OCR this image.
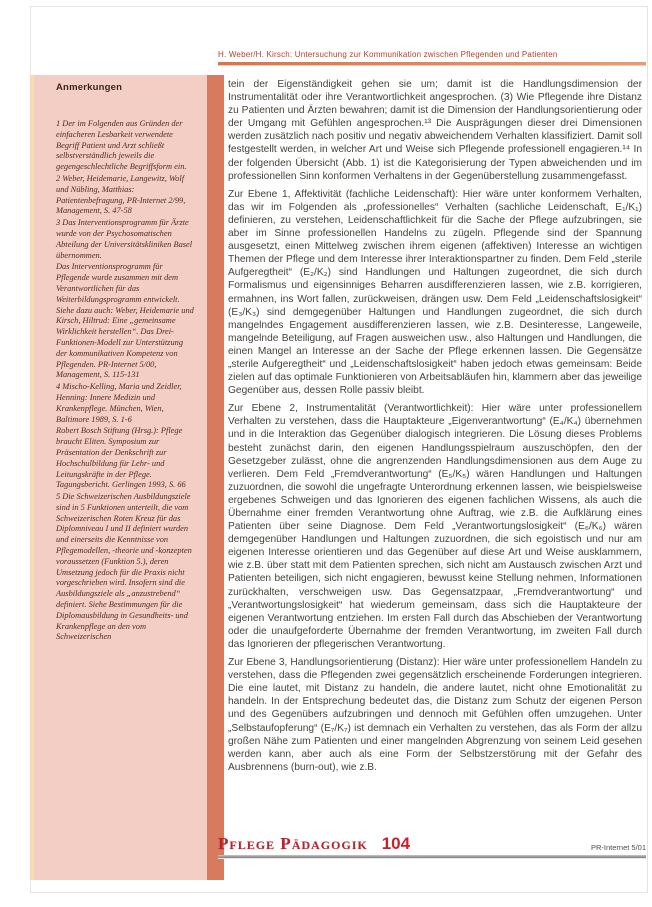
H. Weber/H. Kirsch: Untersuchung zur Kommunikation zwischen Pflegenden und Patienten
Anmerkungen

1 Der im Folgenden aus Gründen der einfacheren Lesbarkeit verwendete Begriff Patient und Arzt schließt selbstverständlich jeweils die gegengeschlechtliche Begriffsform ein.

2 Weber, Heidemarie, Langewitz, Wolf und Nübling, Matthias: Patientenbefragung, PR-Internet 2/99, Management, S. 47-58

3 Das Interventionsprogramm für Ärzte wurde von der Psychosomatischen Abteilung der Universitätskliniken Basel übernommen.

Das Interventionsprogramm für Pflegende wurde zusammen mit dem Verantwortlichen für das Weiterbildungsprogramm entwickelt. Siehe dazu auch: Weber, Heidemarie und Kirsch, Hiltrud: Eine „gemeinsame Wirklichkeit herstellen“. Das Drei-Funktionen-Modell zur Unterstützung der kommunikativen Kompetenz von Pflegenden. PR-Internet 5/00, Management, S. 115-131

4 Mischo-Kelling, Maria und Zeidler, Henning: Innere Medizin und Krankenpflege. München, Wien, Baltimore 1989, S. 1-6

Robert Bosch Stiftung (Hrsg.): Pflege braucht Eliten. Symposium zur Präsentation der Denkschrift zur Hochschulbildung für Lehr- und Leitungskräfte in der Pflege. Tagungsbericht. Gerlingen 1993, S. 66

5 Die Schweizerischen Ausbildungsziele sind in 5 Funktionen unterteilt, die vom Schweizerischen Roten Kreuz für das Diplomniveau I und II definiert wurden und einerseits die Kenntnisse von Pflegemodellen, -theorie und -konzepten voraussetzen (Funktion 5.), deren Umsetzung jedoch für die Praxis nicht vorgeschrieben wird. Insofern sind die Ausbildungsziele als „anzustrebend“ definiert. Siehe Bestimmungen für die Diplomausbildung in Gesundheits- und Krankenpflege an den vom Schweizerischen

tein der Eigenständigkeit gehen sie um; damit ist die Handlungsdimension der Instrumentalität oder ihre Verantwortlichkeit angesprochen. (3) Wie Pflegende ihre Distanz zu Patienten und Ärzten bewahren; damit ist die Dimension der Handlungsorientierung oder der Umgang mit Gefühlen angesprochen.¹³ Die Ausprägungen dieser drei Dimensionen werden zusätzlich nach positiv und negativ abweichendem Verhalten klassifiziert. Damit soll festgestellt werden, in welcher Art und Weise sich Pflegende professionell engagieren.¹⁴ In der folgenden Übersicht (Abb. 1) ist die Kategorisierung der Typen abweichenden und im professionellen Sinn konformen Verhaltens in der Gegenüberstellung zusammengefasst.

Zur Ebene 1, Affektivität (fachliche Leidenschaft): Hier wäre unter konformem Verhalten, das wir im Folgenden als „professionelles“ Verhalten (sachliche Leidenschaft, E₁/K₁) definieren, zu verstehen, Leidenschaftlichkeit für die Sache der Pflege aufzubringen, sie aber im Sinne professionellen Handelns zu zügeln. Pflegende sind der Spannung ausgesetzt, einen Mittelweg zwischen ihrem eigenen (affektiven) Interesse an wichtigen Themen der Pflege und dem Interesse ihrer Interaktionspartner zu finden. Dem Feld „sterile Aufgeregtheit“ (E₂/K₂) sind Handlungen und Haltungen zugeordnet, die sich durch Formalismus und eigensinniges Beharren ausdifferenzieren lassen, wie z.B. korrigieren, ermahnen, ins Wort fallen, zurückweisen, drängen usw. Dem Feld „Leidenschaftslosigkeit“ (E₃/K₃) sind demgegenüber Haltungen und Handlungen zugeordnet, die sich durch mangelndes Engagement ausdifferenzieren lassen, wie z.B. Desinteresse, Langeweile, mangelnde Beteiligung, auf Fragen ausweichen usw., also Haltungen und Handlungen, die einen Mangel an Interesse an der Sache der Pflege erkennen lassen. Die Gegensätze „sterile Aufgeregtheit“ und „Leidenschaftslosigkeit“ haben jedoch etwas gemeinsam: Beide zielen auf das optimale Funktionieren von Arbeitsabläufen hin, klammern aber das jeweilige Gegenüber aus, dessen Rolle passiv bleibt.

Zur Ebene 2, Instrumentalität (Verantwortlichkeit): Hier wäre unter professionellem Verhalten zu verstehen, dass die Hauptakteure „Eigenverantwortung“ (E₄/K₄) übernehmen und in die Interaktion das Gegenüber dialogisch integrieren. Die Lösung dieses Problems besteht zunächst darin, den eigenen Handlungsspielraum auszuschöpfen, den der Gesetzgeber zulässt, ohne die angrenzenden Handlungsdimensionen aus dem Auge zu verlieren. Dem Feld „Fremdverantwortung“ (E₅/K₅) wären Handlungen und Haltungen zuzuordnen, die sowohl die ungefragte Unterordnung erkennen lassen, wie beispielsweise ergebenes Schweigen und das Ignorieren des eigenen fachlichen Wissens, als auch die Übernahme einer fremden Verantwortung ohne Auftrag, wie z.B. die Aufklärung eines Patienten über seine Diagnose. Dem Feld „Verantwortungslosigkeit“ (E₆/K₆) wären demgegenüber Handlungen und Haltungen zuzuordnen, die sich egoistisch und nur am eigenen Interesse orientieren und das Gegenüber auf diese Art und Weise ausklammern, wie z.B. über statt mit dem Patienten sprechen, sich nicht am Austausch zwischen Arzt und Patienten beteiligen, sich nicht engagieren, bewusst keine Stellung nehmen, Informationen zurückhalten, verschweigen usw. Das Gegensatzpaar, „Fremdverantwortung“ und „Verantwortungslosigkeit“ hat wiederum gemeinsam, dass sich die Hauptakteure der eigenen Verantwortung entziehen. Im ersten Fall durch das Abschieben der Verantwortung oder die unaufgeforderte Übernahme der fremden Verantwortung, im zweiten Fall durch das Ignorieren der pflegerischen Verantwortung.

Zur Ebene 3, Handlungsorientierung (Distanz): Hier wäre unter professionellem Handeln zu verstehen, dass die Pflegenden zwei gegensätzlich erscheinende Forderungen integrieren. Die eine lautet, mit Distanz zu handeln, die andere lautet, nicht ohne Emotionalität zu handeln. In der Entsprechung bedeutet das, die Distanz zum Schutz der eigenen Person und des Gegenübers aufzubringen und dennoch mit Gefühlen offen umzugehen. Unter „Selbstaufopferung“ (E₇/K₇) ist demnach ein Verhalten zu verstehen, das als Form der allzu großen Nähe zum Patienten und einer mangelnden Abgrenzung von seinem Leid gesehen werden kann, aber auch als eine Form der Selbstzerstörung mit der Gefahr des Ausbrennens (burn-out), wie z.B.

Pflege Pädagogik 104	PR-Internet 5/01
